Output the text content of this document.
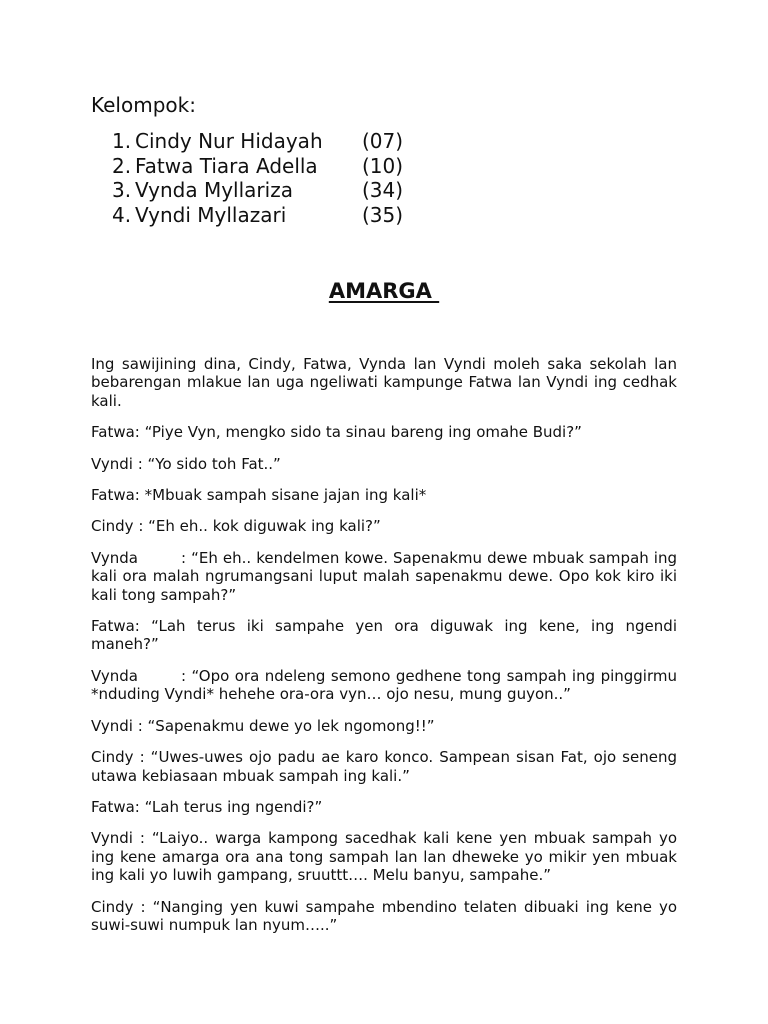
Kelompok:
1. Cindy Nur Hidayah	(07)
2. Fatwa Tiara Adella	(10)
3. Vynda Myllariza	(34)
4. Vyndi Myllazari	(35)
AMARGA

Ing sawijining dina, Cindy, Fatwa, Vynda lan Vyndi moleh saka sekolah lan bebarengan mlakue lan uga ngeliwati kampunge Fatwa lan Vyndi ing cedhak kali.

Fatwa: “Piye Vyn, mengko sido ta sinau bareng ing omahe Budi?”

Vyndi : “Yo sido toh Fat..”

Fatwa: *Mbuak sampah sisane jajan ing kali*

Cindy : “Eh eh.. kok diguwak ing kali?”

Vynda	: “Eh eh.. kendelmen kowe. Sapenakmu dewe mbuak sampah ing kali ora malah ngrumangsani luput malah sapenakmu dewe. Opo kok kiro iki kali tong sampah?”

Fatwa: “Lah terus iki sampahe yen ora diguwak ing kene, ing ngendi maneh?”

Vynda	: “Opo ora ndeleng semono gedhene tong sampah ing pinggirmu *nduding Vyndi* hehehe ora-ora vyn… ojo nesu, mung guyon..”

Vyndi : “Sapenakmu dewe yo lek ngomong!!”

Cindy : “Uwes-uwes ojo padu ae karo konco. Sampean sisan Fat, ojo seneng utawa kebiasaan mbuak sampah ing kali.”

Fatwa: “Lah terus ing ngendi?”

Vyndi : “Laiyo.. warga kampong sacedhak kali kene yen mbuak sampah yo ing kene amarga ora ana tong sampah lan lan dheweke yo mikir yen mbuak ing kali yo luwih gampang, sruuttt…. Melu banyu, sampahe.”

Cindy : “Nanging yen kuwi sampahe mbendino telaten dibuaki ing kene yo suwi-suwi numpuk lan nyum…..”
